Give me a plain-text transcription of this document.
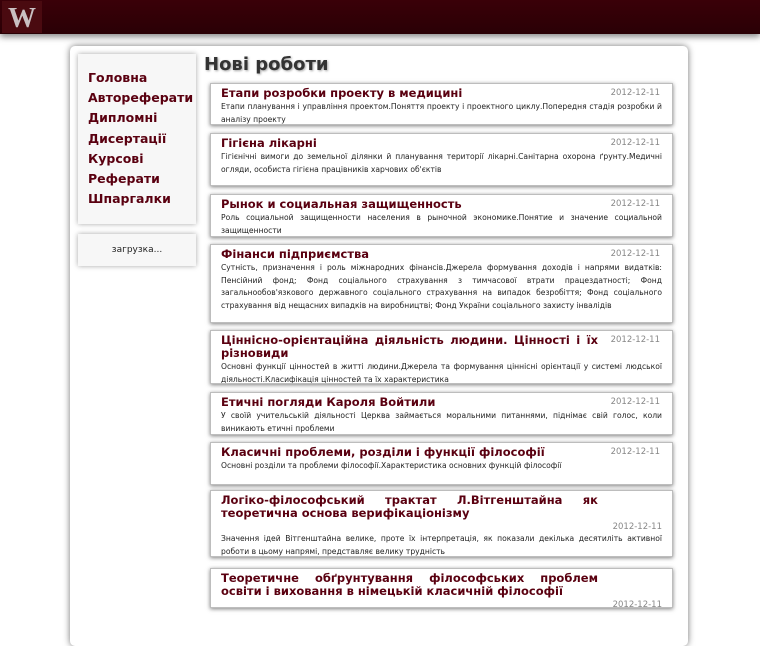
W
Головна
Автореферати
Дипломні
Дисертації
Курсові
Реферати
Шпаргалки
загрузка...
Нові роботи
Етапи розробки проекту в медицині	2012-12-11
Етапи планування і управління проектом.Поняття проекту і проектного циклу.Попередня стадія розробки й аналізу проекту
Гігієна лікарні	2012-12-11
Гігієнічні вимоги до земельної ділянки й планування території лікарні.Санітарна охорона ґрунту.Медичні огляди, особиста гігієна працівників харчових об'єктів
Рынок и социальная защищенность	2012-12-11
Роль социальной защищенности населения в рыночной экономике.Понятие и значение социальной защищенности
Фінанси підприємства	2012-12-11
Сутність, призначення і роль міжнародних фінансів.Джерела формування доходів і напрями видатків: Пенсійний фонд; Фонд соціального страхування з тимчасової втрати працездатності; Фонд загальнообов'язкового державного соціального страхування на випадок безробіття; Фонд соціального страхування від нещасних випадків на виробництві; Фонд України соціального захисту інвалідів
Ціннісно-орієнтаційна діяльність людини. Цінності і їх різновиди
2012-12-11
Основні функції цінностей в житті людини.Джерела та формування ціннісні орієнтації у системі людської діяльності.Класифікація цінностей та їх характеристика
Етичні погляди Кароля Войтили	2012-12-11
У своїй учительській діяльності Церква займається моральними питаннями, піднімає свій голос, коли виникають етичні проблеми
Класичні проблеми, розділи і функції філософії	2012-12-11
Основні розділи та проблеми філософії.Характеристика основних функцій філософії
Логіко-філософський трактат Л.Вітгенштайна як теоретична основа верифікаціонізму
2012-12-11
Значення ідей Вітгенштайна велике, проте їх інтерпретація, як показали декілька десятиліть активної роботи в цьому напрямі, представляє велику трудність
Теоретичне обґрунтування філософських проблем освіти і виховання в німецькій класичній філософії
2012-12-11
